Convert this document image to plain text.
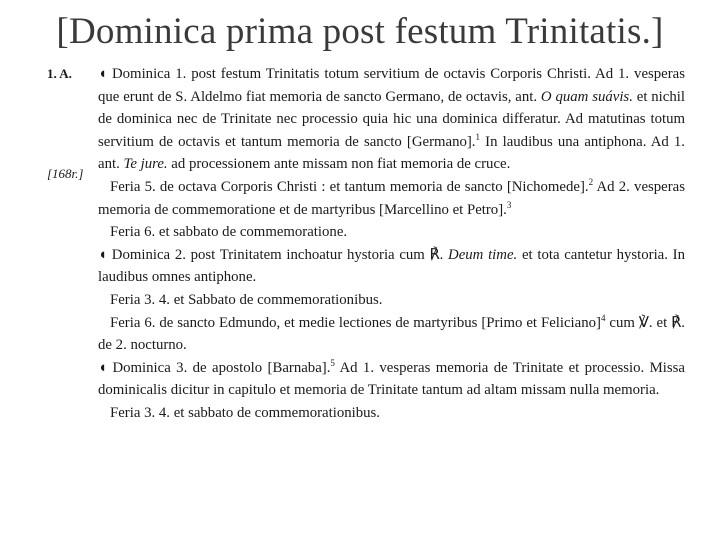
[Dominica prima post festum Trinitatis.]
1. A.
[168r.]

◖ Dominica 1. post festum Trinitatis totum servitium de octavis Corporis Christi. Ad 1. vesperas que erunt de S. Aldelmo fiat memoria de sancto Germano, de octavis, ant. O quam suávis. et nichil de dominica nec de Trinitate nec processio quia hic una dominica differatur. Ad matutinas totum servitium de octavis et tantum memoria de sancto [Germano].$^1$ In laudibus una antiphona. Ad 1. ant. Te jure. ad processionem ante missam non fiat memoria de cruce.

Feria 5. de octava Corporis Christi : et tantum memoria de sancto [Nichomede].$^2$ Ad 2. vesperas memoria de commemoratione et de martyribus [Marcellino et Petro].$^3$

Feria 6. et sabbato de commemoratione.

◖ Dominica 2. post Trinitatem inchoatur hystoria cum ℟. Deum time. et tota cantetur hystoria. In laudibus omnes antiphone.

Feria 3. 4. et Sabbato de commemorationibus.

Feria 6. de sancto Edmundo, et medie lectiones de martyribus [Primo et Feliciano]$^4$ cum ℣. et ℟. de 2. nocturno.

◖ Dominica 3. de apostolo [Barnaba].$^5$ Ad 1. vesperas memoria de Trinitate et processio. Missa dominicalis dicitur in capitulo et memoria de Trinitate tantum ad altam missam nulla memoria.

Feria 3. 4. et sabbato de commemorationibus.
